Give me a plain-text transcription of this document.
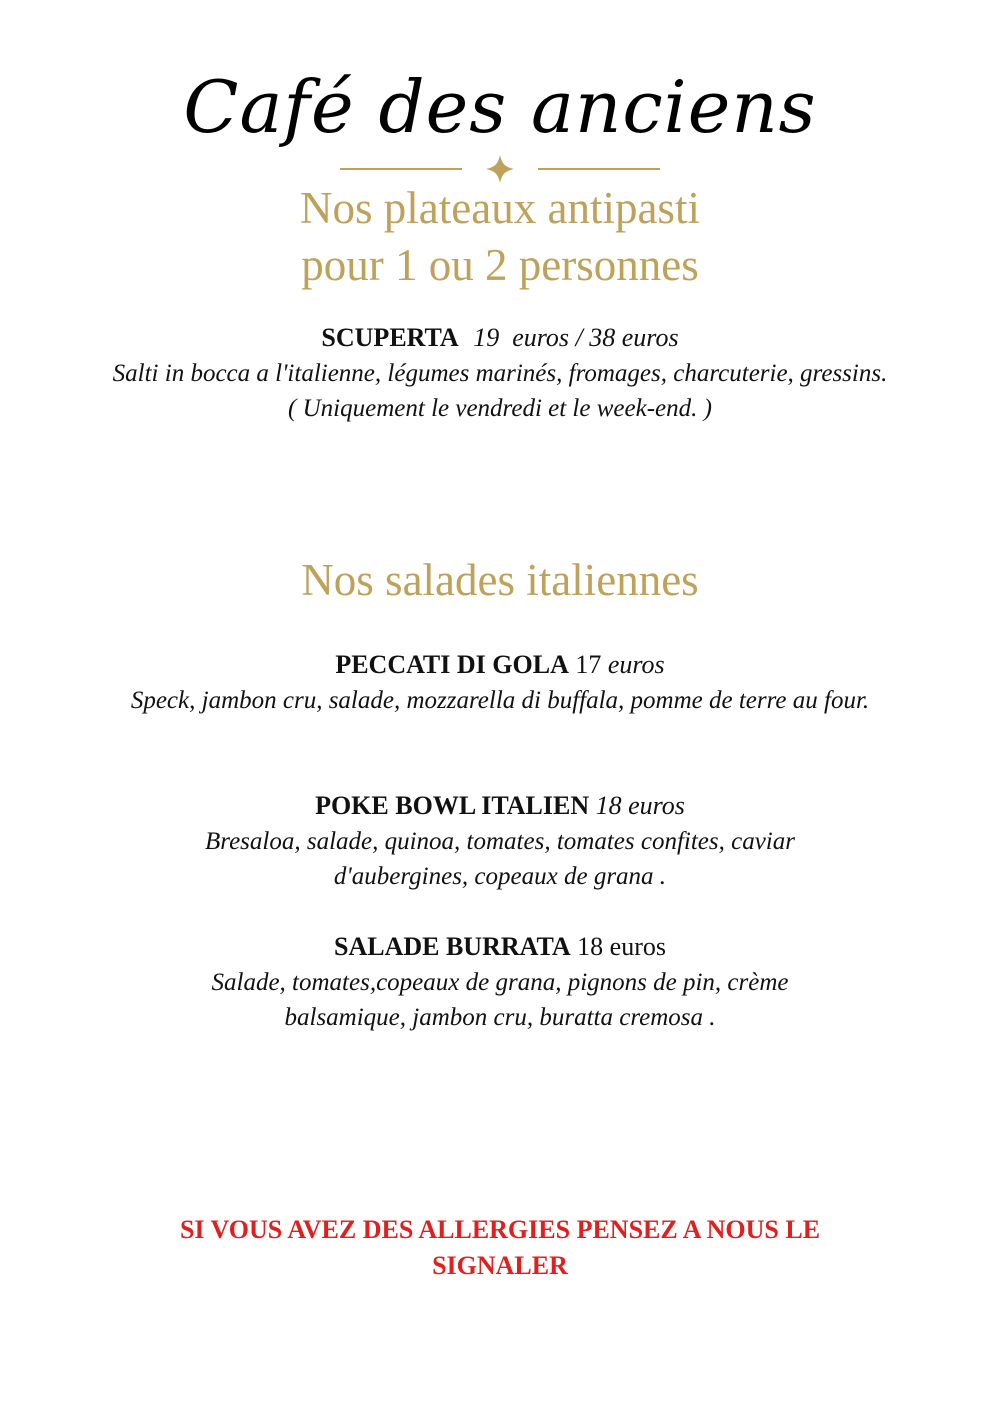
Café des anciens
Nos plateaux antipasti
pour 1 ou 2 personnes
SCUPERTA 19  euros / 38 euros
Salti in bocca a l'italienne, légumes marinés, fromages, charcuterie, gressins.
( Uniquement le vendredi et le week-end. )
Nos salades italiennes
PECCATI DI GOLA 17 euros
Speck, jambon cru, salade, mozzarella di buffala, pomme de terre au four.
POKE BOWL ITALIEN 18 euros
Bresaloa, salade, quinoa, tomates, tomates confites, caviar d'aubergines, copeaux de grana .
SALADE BURRATA 18 euros
Salade, tomates,copeaux de grana, pignons de pin, crème balsamique, jambon cru, buratta cremosa .
SI VOUS AVEZ DES ALLERGIES PENSEZ A NOUS LE SIGNALER
